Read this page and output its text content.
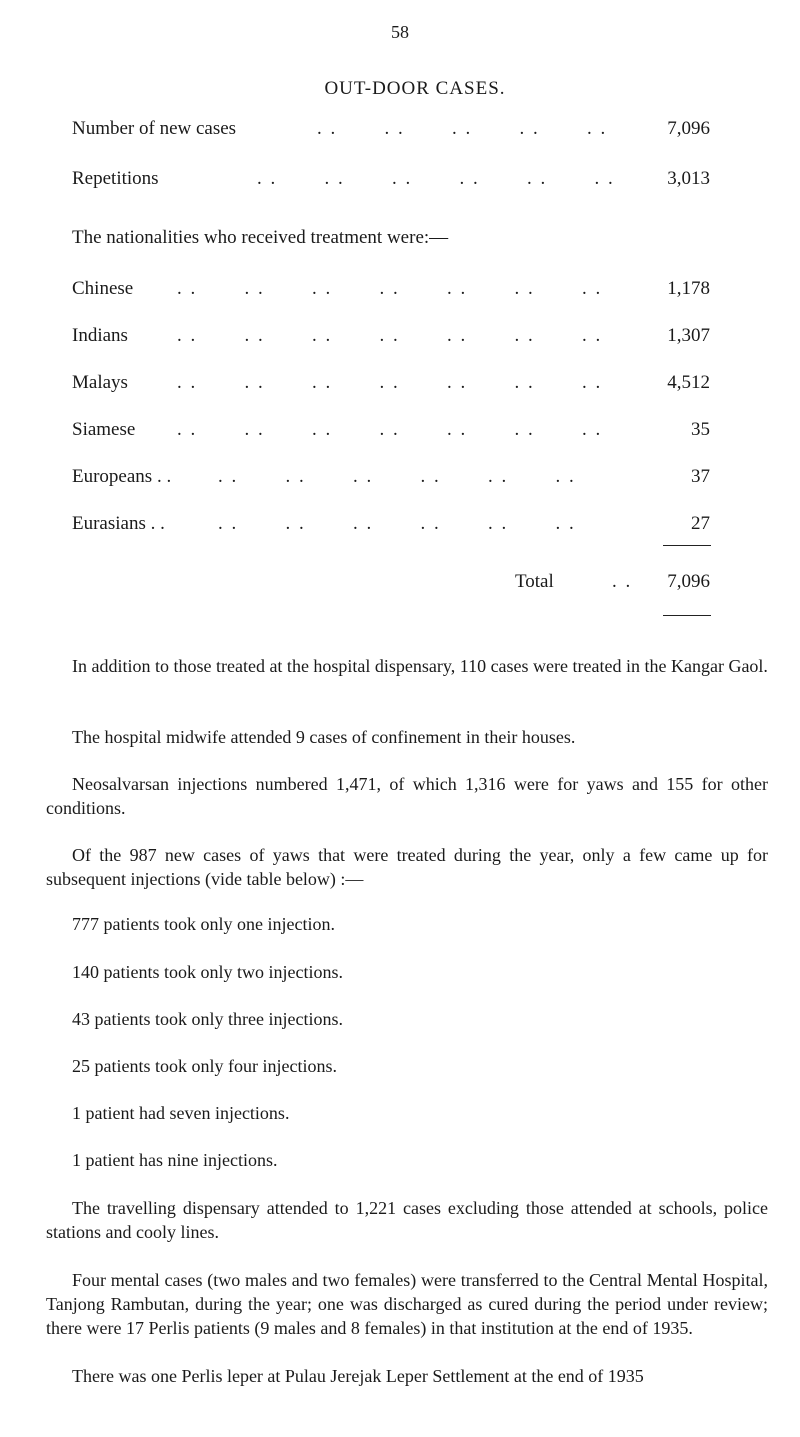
58
OUT-DOOR CASES.
Number of new cases	. .       . .       . .       . .       . .	7,096
Repetitions	. .       . .       . .       . .       . .       . .	3,013
The nationalities who received treatment were:—
Chinese . .       . .       . .       . .       . .       . .       . .	1,178
Indians	. .       . .       . .       . .       . .       . .       . .	1,307
Malays	. .       . .       . .       . .       . .       . .       . .	4,512
Siamese . .       . .       . .       . .       . .       . .       . .	35
Europeans . . . .       . .       . .       . .       . .       . .	37
Eurasians . .	. .       . .       . .       . .       . .       . .	27
Total	. . 7,096

In addition to those treated at the hospital dispensary, 110 cases were treated in the Kangar Gaol.

The hospital midwife attended 9 cases of confinement in their houses.

Neosalvarsan injections numbered 1,471, of which 1,316 were for yaws and 155 for other conditions.

Of the 987 new cases of yaws that were treated during the year, only a few came up for subsequent injections (vide table below) :—

777 patients took only one injection.
140 patients took only two injections.
43 patients took only three injections.
25 patients took only four injections.
1 patient had seven injections.
1 patient has nine injections.

The travelling dispensary attended to 1,221 cases excluding those attended at schools, police stations and cooly lines.

Four mental cases (two males and two females) were transferred to the Central Mental Hospital, Tanjong Rambutan, during the year; one was discharged as cured during the period under review; there were 17 Perlis patients (9 males and 8 females) in that institution at the end of 1935.

There was one Perlis leper at Pulau Jerejak Leper Settlement at the end of 1935
